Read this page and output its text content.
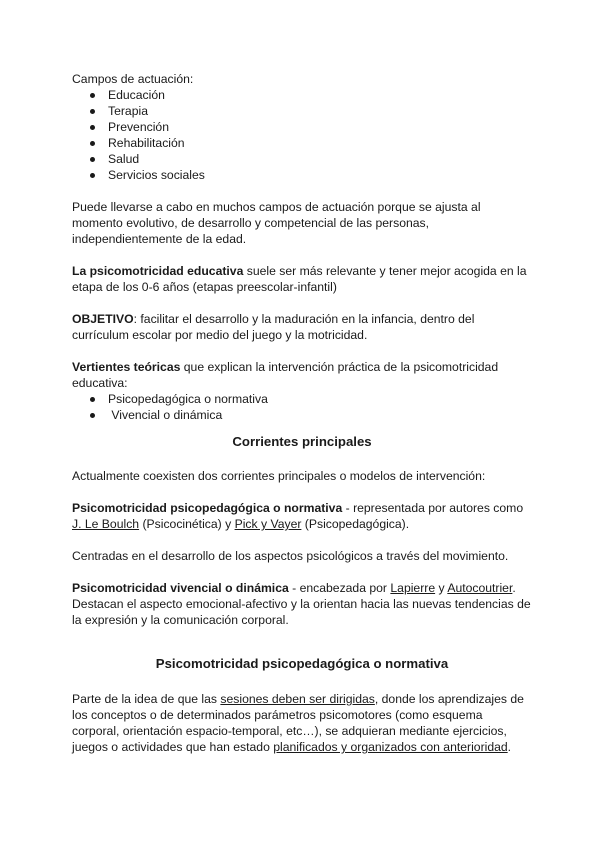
Campos de actuación:

Educación
Terapia
Prevención
Rehabilitación
Salud
Servicios sociales

Puede llevarse a cabo en muchos campos de actuación porque se ajusta al momento evolutivo, de desarrollo y competencial de las personas, independientemente de la edad.

La psicomotricidad educativa suele ser más relevante y tener mejor acogida en la etapa de los 0-6 años (etapas preescolar-infantil)

OBJETIVO: facilitar el desarrollo y la maduración en la infancia, dentro del currículum escolar por medio del juego y la motricidad.

Vertientes teóricas que explican la intervención práctica de la psicomotricidad educativa:

Psicopedagógica o normativa
Vivencial o dinámica
Corrientes principales

Actualmente coexisten dos corrientes principales o modelos de intervención:

Psicomotricidad psicopedagógica o normativa - representada por autores como J. Le Boulch (Psicocinética) y Pick y Vayer (Psicopedagógica).

Centradas en el desarrollo de los aspectos psicológicos a través del movimiento.

Psicomotricidad vivencial o dinámica - encabezada por Lapierre y Autocoutrier. Destacan el aspecto emocional-afectivo y la orientan hacia las nuevas tendencias de la expresión y la comunicación corporal.

Psicomotricidad psicopedagógica o normativa

Parte de la idea de que las sesiones deben ser dirigidas, donde los aprendizajes de los conceptos o de determinados parámetros psicomotores (como esquema corporal, orientación espacio-temporal, etc…), se adquieran mediante ejercicios, juegos o actividades que han estado planificados y organizados con anterioridad.
